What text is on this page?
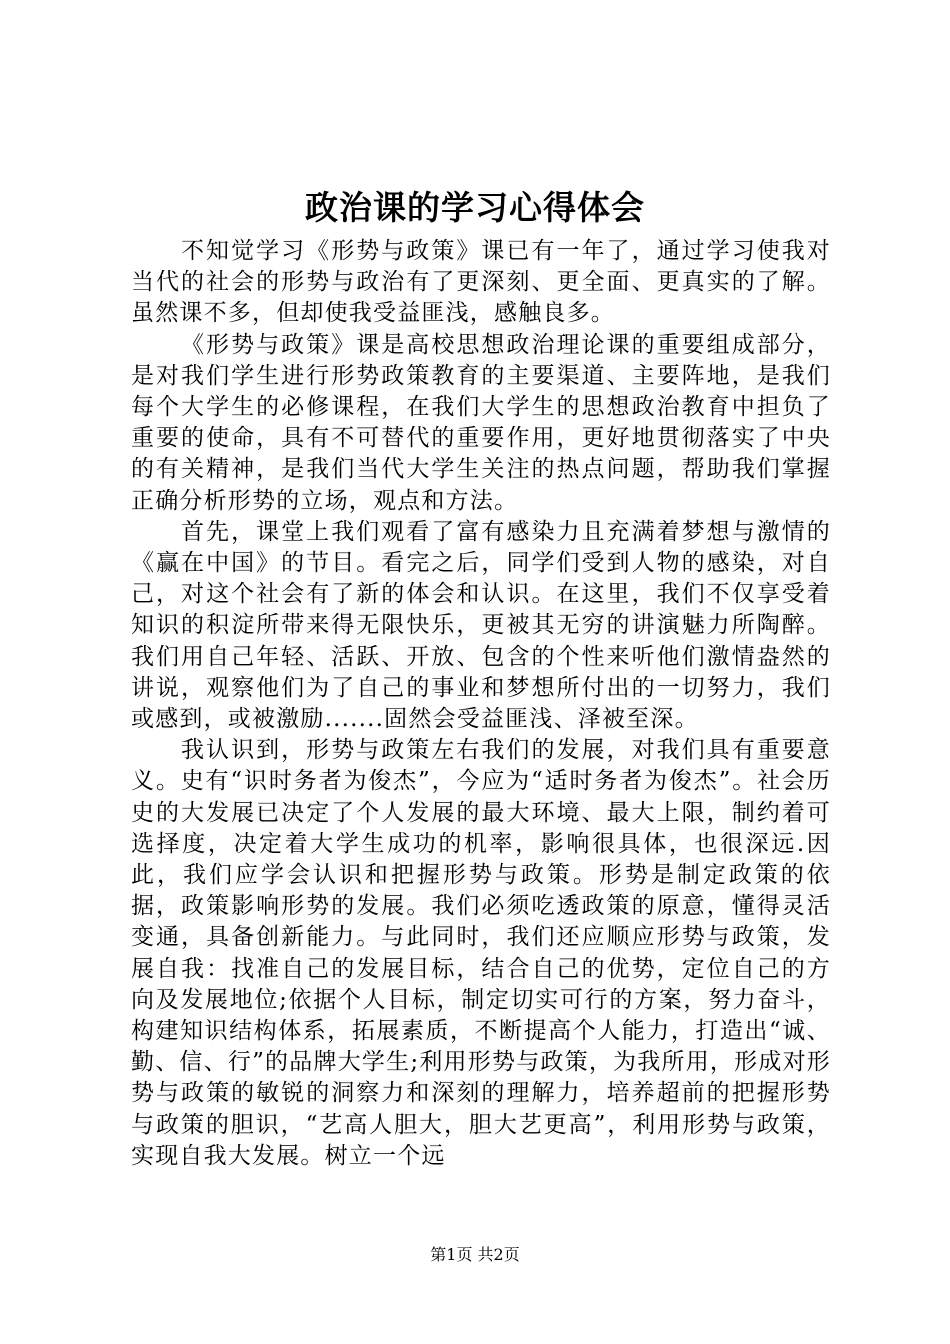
政治课的学习心得体会

不知觉学习《形势与政策》课已有一年了，通过学习使我对当代的社会的形势与政治有了更深刻、更全面、更真实的了解。虽然课不多，但却使我受益匪浅，感触良多。

《形势与政策》课是高校思想政治理论课的重要组成部分，是对我们学生进行形势政策教育的主要渠道、主要阵地，是我们每个大学生的必修课程，在我们大学生的思想政治教育中担负了重要的使命，具有不可替代的重要作用，更好地贯彻落实了中央的有关精神，是我们当代大学生关注的热点问题，帮助我们掌握正确分析形势的立场，观点和方法。

首先，课堂上我们观看了富有感染力且充满着梦想与激情的《赢在中国》的节目。看完之后，同学们受到人物的感染，对自己，对这个社会有了新的体会和认识。在这里，我们不仅享受着知识的积淀所带来得无限快乐，更被其无穷的讲演魅力所陶醉。我们用自己年轻、活跃、开放、包含的个性来听他们激情盎然的讲说，观察他们为了自己的事业和梦想所付出的一切努力，我们或感到，或被激励.......固然会受益匪浅、泽被至深。

我认识到，形势与政策左右我们的发展，对我们具有重要意义。史有“识时务者为俊杰”，今应为“适时务者为俊杰”。社会历史的大发展已决定了个人发展的最大环境、最大上限，制约着可选择度，决定着大学生成功的机率，影响很具体，也很深远.因此，我们应学会认识和把握形势与政策。形势是制定政策的依据，政策影响形势的发展。我们必须吃透政策的原意，懂得灵活变通，具备创新能力。与此同时，我们还应顺应形势与政策，发展自我：找准自己的发展目标，结合自己的优势，定位自己的方向及发展地位;依据个人目标，制定切实可行的方案，努力奋斗，构建知识结构体系，拓展素质，不断提高个人能力，打造出“诚、勤、信、行”的品牌大学生;利用形势与政策，为我所用，形成对形势与政策的敏锐的洞察力和深刻的理解力，培养超前的把握形势与政策的胆识，“艺高人胆大，胆大艺更高”，利用形势与政策，实现自我大发展。树立一个远

第1页 共2页
